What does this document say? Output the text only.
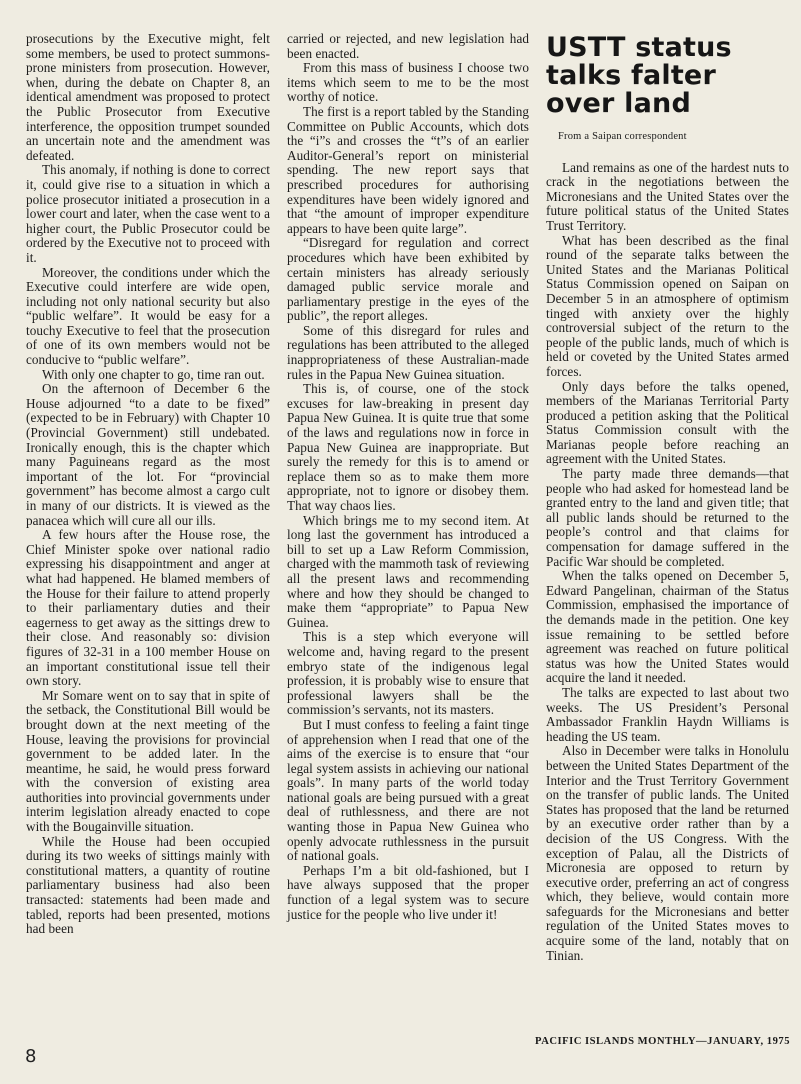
prosecutions by the Executive might, felt some members, be used to protect summons-prone ministers from prosecution. However, when, during the debate on Chapter 8, an identical amendment was proposed to protect the Public Prosecutor from Executive interference, the opposition trumpet sounded an uncertain note and the amendment was defeated.

This anomaly, if nothing is done to correct it, could give rise to a situation in which a police prosecutor initiated a prosecution in a lower court and later, when the case went to a higher court, the Public Prosecutor could be ordered by the Executive not to proceed with it.

Moreover, the conditions under which the Executive could interfere are wide open, including not only national security but also “public welfare”. It would be easy for a touchy Executive to feel that the prosecution of one of its own members would not be conducive to “public welfare”.

With only one chapter to go, time ran out.

On the afternoon of December 6 the House adjourned “to a date to be fixed” (expected to be in February) with Chapter 10 (Provincial Government) still undebated. Ironically enough, this is the chapter which many Paguineans regard as the most important of the lot. For “provincial government” has become almost a cargo cult in many of our districts. It is viewed as the panacea which will cure all our ills.

A few hours after the House rose, the Chief Minister spoke over national radio expressing his disappointment and anger at what had happened. He blamed members of the House for their failure to attend properly to their parliamentary duties and their eagerness to get away as the sittings drew to their close. And reasonably so: division figures of 32-31 in a 100 member House on an important constitutional issue tell their own story.

Mr Somare went on to say that in spite of the setback, the Constitutional Bill would be brought down at the next meeting of the House, leaving the provisions for provincial government to be added later. In the meantime, he said, he would press forward with the conversion of existing area authorities into provincial governments under interim legislation already enacted to cope with the Bougainville situation.

While the House had been occupied during its two weeks of sittings mainly with constitutional matters, a quantity of routine parliamentary business had also been transacted: statements had been made and tabled, reports had been presented, motions had been

carried or rejected, and new legislation had been enacted.

From this mass of business I choose two items which seem to me to be the most worthy of notice.

The first is a report tabled by the Standing Committee on Public Accounts, which dots the “i”s and crosses the “t”s of an earlier Auditor-General’s report on ministerial spending. The new report says that prescribed procedures for authorising expenditures have been widely ignored and that “the amount of improper expenditure appears to have been quite large”.

“Disregard for regulation and correct procedures which have been exhibited by certain ministers has already seriously damaged public service morale and parliamentary prestige in the eyes of the public”, the report alleges.

Some of this disregard for rules and regulations has been attributed to the alleged inappropriateness of these Australian-made rules in the Papua New Guinea situation.

This is, of course, one of the stock excuses for law-breaking in present day Papua New Guinea. It is quite true that some of the laws and regulations now in force in Papua New Guinea are inappropriate. But surely the remedy for this is to amend or replace them so as to make them more appropriate, not to ignore or disobey them. That way chaos lies.

Which brings me to my second item. At long last the government has introduced a bill to set up a Law Reform Commission, charged with the mammoth task of reviewing all the present laws and recommending where and how they should be changed to make them “appropriate” to Papua New Guinea.

This is a step which everyone will welcome and, having regard to the present embryo state of the indigenous legal profession, it is probably wise to ensure that professional lawyers shall be the commission’s servants, not its masters.

But I must confess to feeling a faint tinge of apprehension when I read that one of the aims of the exercise is to ensure that “our legal system assists in achieving our national goals”. In many parts of the world today national goals are being pursued with a great deal of ruthlessness, and there are not wanting those in Papua New Guinea who openly advocate ruthlessness in the pursuit of national goals.

Perhaps I’m a bit old-fashioned, but I have always supposed that the proper function of a legal system was to secure justice for the people who live under it!

USTT status talks falter over land
From a Saipan correspondent

Land remains as one of the hardest nuts to crack in the negotiations between the Micronesians and the United States over the future political status of the United States Trust Territory.

What has been described as the final round of the separate talks between the United States and the Marianas Political Status Commission opened on Saipan on December 5 in an atmosphere of optimism tinged with anxiety over the highly controversial subject of the return to the people of the public lands, much of which is held or coveted by the United States armed forces.

Only days before the talks opened, members of the Marianas Territorial Party produced a petition asking that the Political Status Commission consult with the Marianas people before reaching an agreement with the United States.

The party made three demands—that people who had asked for homestead land be granted entry to the land and given title; that all public lands should be returned to the people’s control and that claims for compensation for damage suffered in the Pacific War should be completed.

When the talks opened on December 5, Edward Pangelinan, chairman of the Status Commission, emphasised the importance of the demands made in the petition. One key issue remaining to be settled before agreement was reached on future political status was how the United States would acquire the land it needed.

The talks are expected to last about two weeks. The US President’s Personal Ambassador Franklin Haydn Williams is heading the US team.

Also in December were talks in Honolulu between the United States Department of the Interior and the Trust Territory Government on the transfer of public lands. The United States has proposed that the land be returned by an executive order rather than by a decision of the US Congress. With the exception of Palau, all the Districts of Micronesia are opposed to return by executive order, preferring an act of congress which, they believe, would contain more safeguards for the Micronesians and better regulation of the United States moves to acquire some of the land, notably that on Tinian.

8
PACIFIC ISLANDS MONTHLY—JANUARY, 1975
